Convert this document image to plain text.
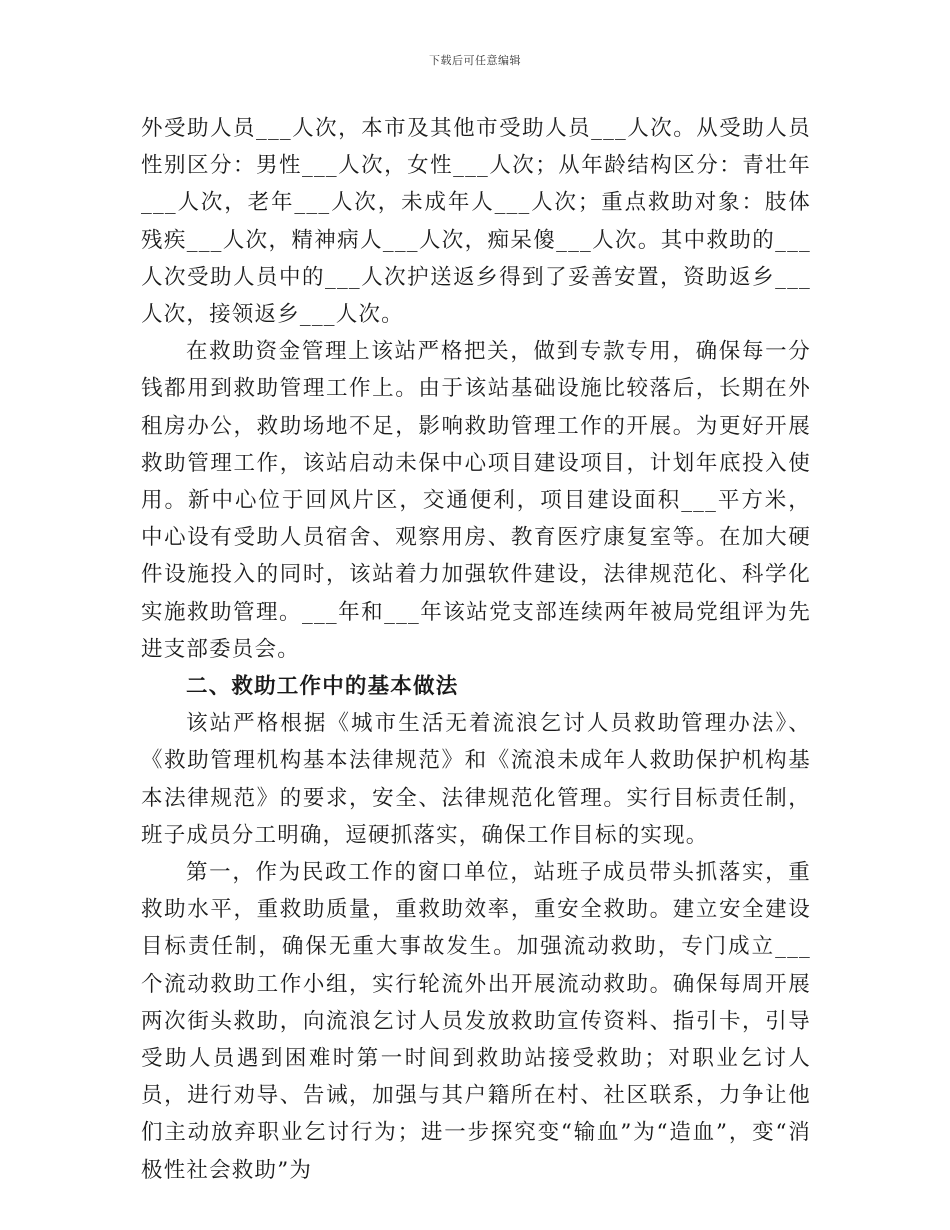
下载后可任意编辑

外受助人员___人次，本市及其他市受助人员___人次。从受助人员性别区分：男性___人次，女性___人次；从年龄结构区分：青壮年___人次，老年___人次，未成年人___人次；重点救助对象：肢体残疾___人次，精神病人___人次，痴呆傻___人次。其中救助的___人次受助人员中的___人次护送返乡得到了妥善安置，资助返乡___人次，接领返乡___人次。

在救助资金管理上该站严格把关，做到专款专用，确保每一分钱都用到救助管理工作上。由于该站基础设施比较落后，长期在外租房办公，救助场地不足，影响救助管理工作的开展。为更好开展救助管理工作，该站启动未保中心项目建设项目，计划年底投入使用。新中心位于回风片区，交通便利，项目建设面积___平方米，中心设有受助人员宿舍、观察用房、教育医疗康复室等。在加大硬件设施投入的同时，该站着力加强软件建设，法律规范化、科学化实施救助管理。___年和___年该站党支部连续两年被局党组评为先进支部委员会。

二、救助工作中的基本做法

该站严格根据《城市生活无着流浪乞讨人员救助管理办法》、《救助管理机构基本法律规范》和《流浪未成年人救助保护机构基本法律规范》的要求，安全、法律规范化管理。实行目标责任制，班子成员分工明确，逗硬抓落实，确保工作目标的实现。

第一，作为民政工作的窗口单位，站班子成员带头抓落实，重救助水平，重救助质量，重救助效率，重安全救助。建立安全建设目标责任制，确保无重大事故发生。加强流动救助，专门成立___个流动救助工作小组，实行轮流外出开展流动救助。确保每周开展两次街头救助，向流浪乞讨人员发放救助宣传资料、指引卡，引导受助人员遇到困难时第一时间到救助站接受救助；对职业乞讨人员，进行劝导、告诫，加强与其户籍所在村、社区联系，力争让他们主动放弃职业乞讨行为；进一步探究变“输血”为“造血”，变“消极性社会救助”为
